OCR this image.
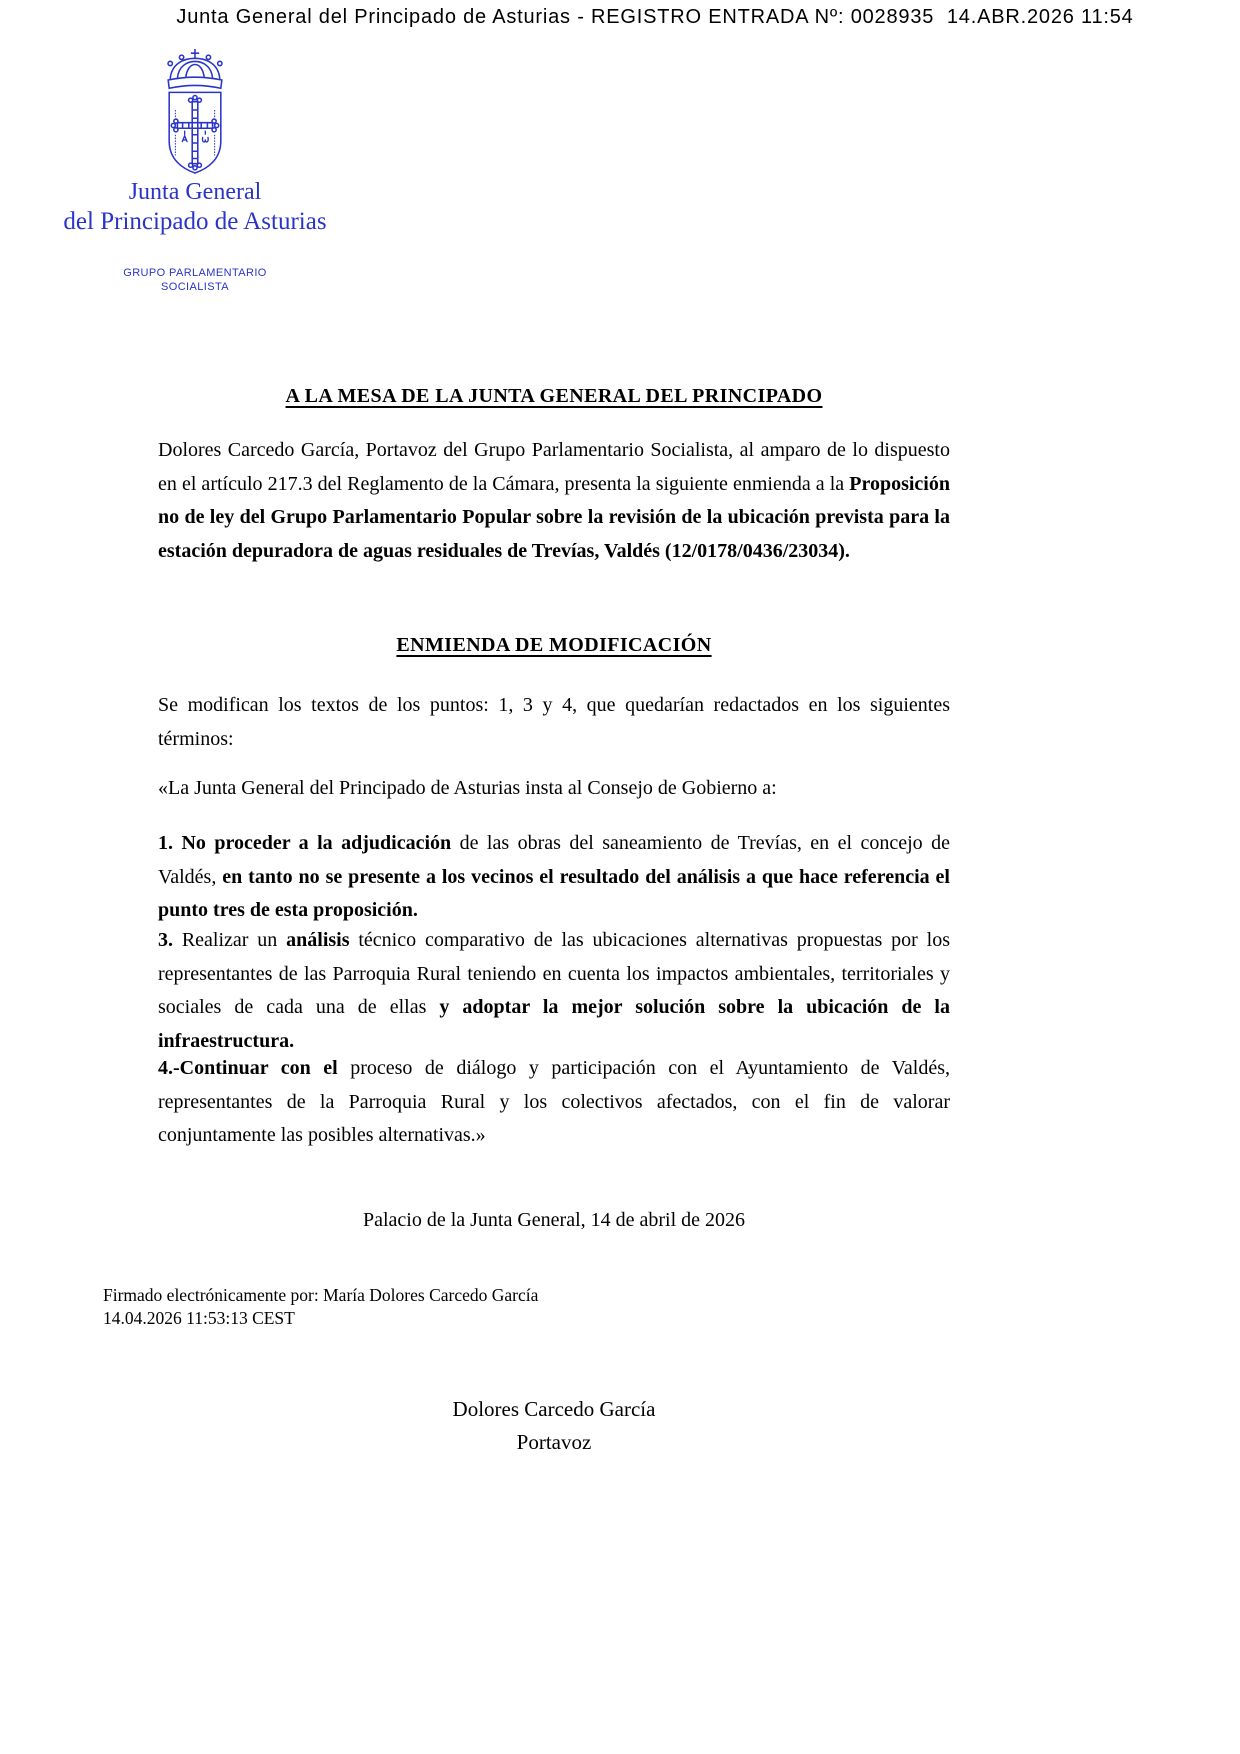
Junta General del Principado de Asturias - REGISTRO ENTRADA Nº: 0028935  14.ABR.2026 11:54
Junta General
del Principado de Asturias
GRUPO PARLAMENTARIO
SOCIALISTA
A LA MESA DE LA JUNTA GENERAL DEL PRINCIPADO

Dolores Carcedo García, Portavoz del Grupo Parlamentario Socialista, al amparo de lo dispuesto en el artículo 217.3 del Reglamento de la Cámara, presenta la siguiente enmienda a la Proposición no de ley del Grupo Parlamentario Popular sobre la revisión de la ubicación prevista para la estación depuradora de aguas residuales de Trevías, Valdés (12/0178/0436/23034).

ENMIENDA DE MODIFICACIÓN

Se modifican los textos de los puntos: 1, 3 y 4, que quedarían redactados en los siguientes términos:

«La Junta General del Principado de Asturias insta al Consejo de Gobierno a:

1. No proceder a la adjudicación de las obras del saneamiento de Trevías, en el concejo de Valdés, en tanto no se presente a los vecinos el resultado del análisis a que hace referencia el punto tres de esta proposición.

3. Realizar un análisis técnico comparativo de las ubicaciones alternativas propuestas por los representantes de las Parroquia Rural teniendo en cuenta los impactos ambientales, territoriales y sociales de cada una de ellas y adoptar la mejor solución sobre la ubicación de la infraestructura.

4.-Continuar con el proceso de diálogo y participación con el Ayuntamiento de Valdés, representantes de la Parroquia Rural y los colectivos afectados, con el fin de valorar conjuntamente las posibles alternativas.»

Palacio de la Junta General, 14 de abril de 2026
Firmado electrónicamente por: María Dolores Carcedo García
14.04.2026 11:53:13 CEST
Dolores Carcedo García
Portavoz
